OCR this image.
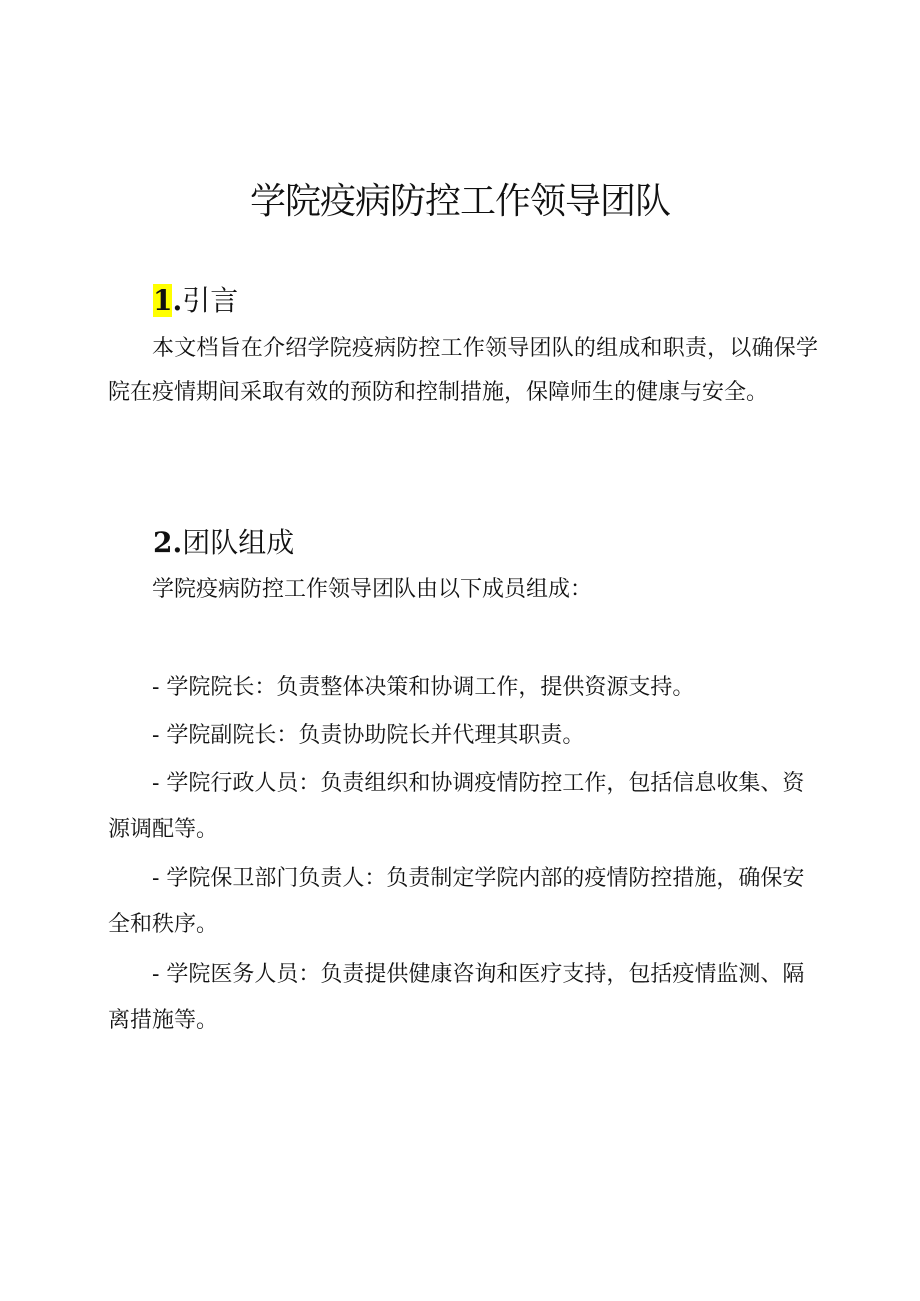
学院疫病防控工作领导团队
1.引言
本文档旨在介绍学院疫病防控工作领导团队的组成和职责，以确保学院在疫情期间采取有效的预防和控制措施，保障师生的健康与安全。
2.团队组成
学院疫病防控工作领导团队由以下成员组成：
- 学院院长：负责整体决策和协调工作，提供资源支持。
- 学院副院长：负责协助院长并代理其职责。
- 学院行政人员：负责组织和协调疫情防控工作，包括信息收集、资源调配等。
- 学院保卫部门负责人：负责制定学院内部的疫情防控措施，确保安全和秩序。
- 学院医务人员：负责提供健康咨询和医疗支持，包括疫情监测、隔离措施等。
